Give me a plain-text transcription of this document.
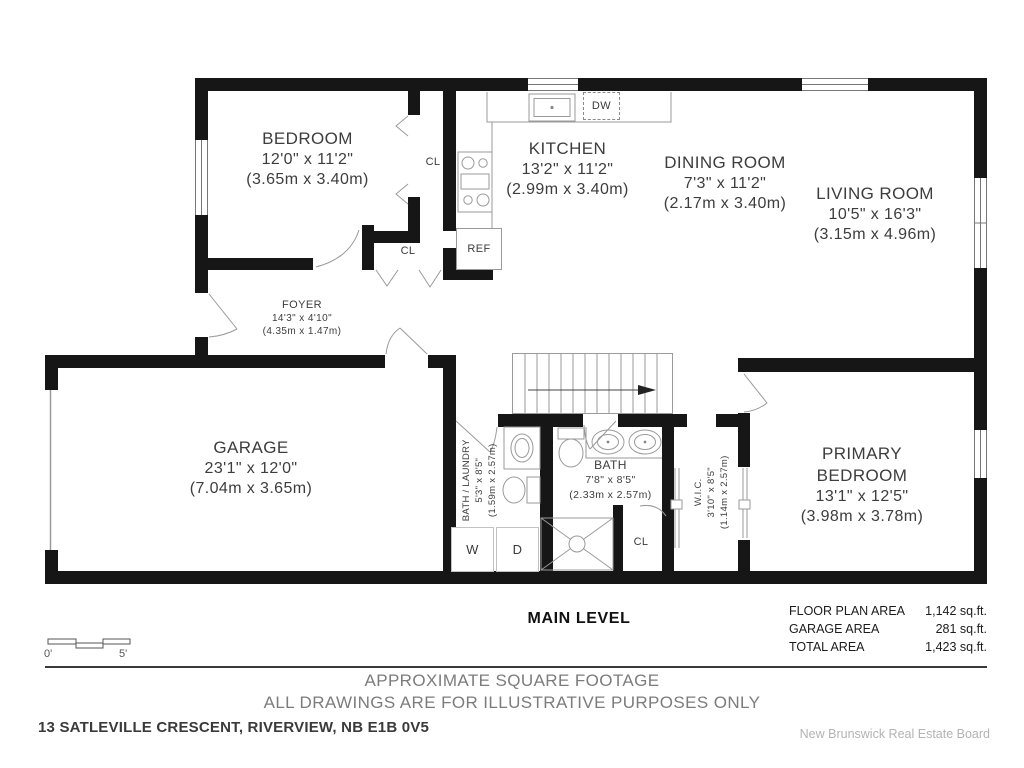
BEDROOM
12'0" x 11'2"
(3.65m x 3.40m)
KITCHEN
13'2" x 11'2"
(2.99m x 3.40m)
DINING ROOM
7'3" x 11'2"
(2.17m x 3.40m)
LIVING ROOM
10'5" x 16'3"
(3.15m x 4.96m)
FOYER
14'3" x 4'10"
(4.35m x 1.47m)
GARAGE
23'1" x 12'0"
(7.04m x 3.65m)
BATH
7'8" x 8'5"
(2.33m x 2.57m)
PRIMARY BEDROOM
13'1" x 12'5"
(3.98m x 3.78m)
BATH / LAUNDRY 5'3" x 8'5" (1.59m x 2.57m)	W.I.C. 3'10" x 8'5" (1.14m x 2.57m)
CL
CL
CL
REF
DW
W	D
MAIN LEVEL	FLOOR PLAN AREA 1,142 sq.ft.
GARAGE AREA	281 sq.ft.
TOTAL AREA	1,423 sq.ft.
0'	5'
APPROXIMATE SQUARE FOOTAGE
ALL DRAWINGS ARE FOR ILLUSTRATIVE PURPOSES ONLY
13 SATLEVILLE CRESCENT, RIVERVIEW, NB E1B 0V5	New Brunswick Real Estate Board
